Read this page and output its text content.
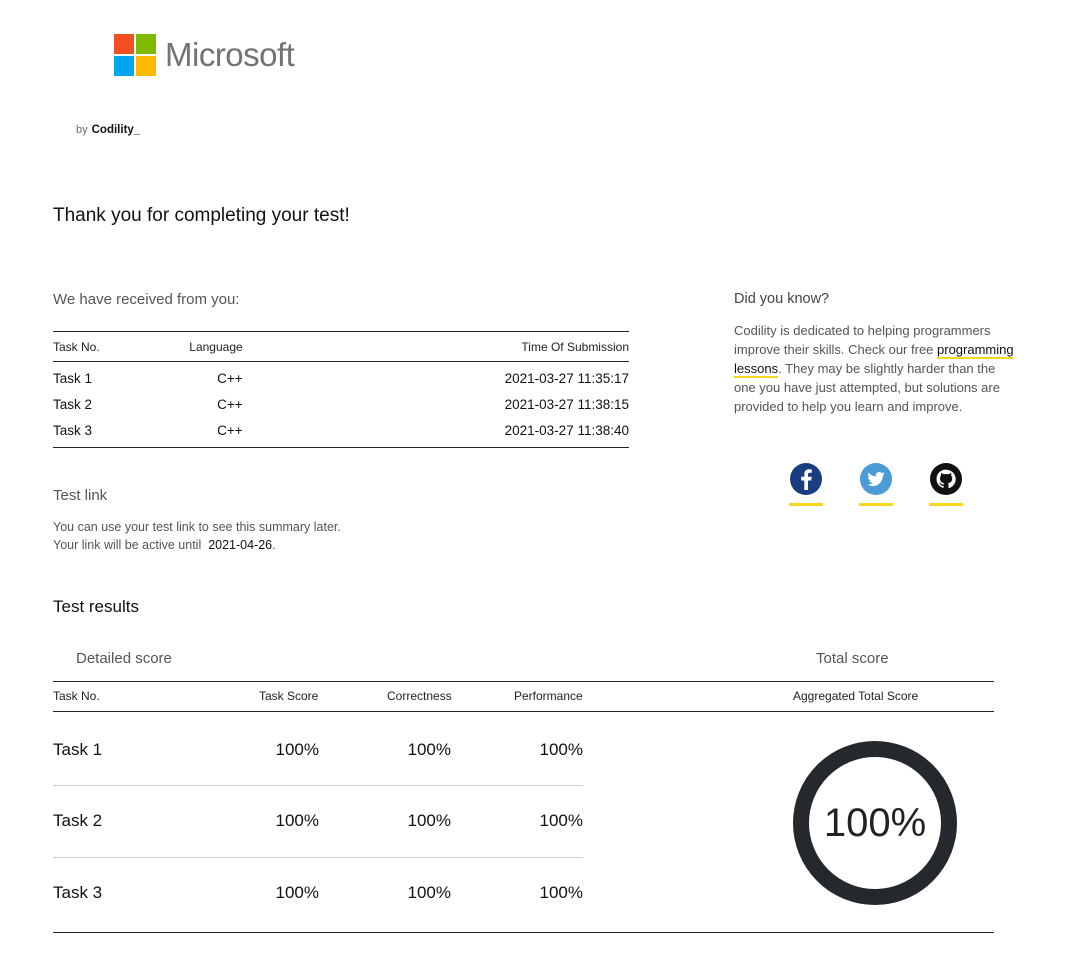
Microsoft
by Codility_
Thank you for completing your test!
We have received from you:
Task No.	Language	Time Of Submission
Task 1	C++	2021-03-27 11:35:17
Task 2	C++	2021-03-27 11:38:15
Task 3	C++	2021-03-27 11:38:40
Test link
You can use your test link to see this summary later.
Your link will be active until 2021-04-26.
Did you know?
Codility is dedicated to helping programmers improve their skills. Check our free programming lessons. They may be slightly harder than the one you have just attempted, but solutions are provided to help you learn and improve.
Test results
Detailed score	Total score
Task No.	Task Score	Correctness	Performance	Aggregated Total Score
Task 1	100%	100%	100%
Task 2	100%	100%	100%
Task 3	100%	100%	100%
100%
